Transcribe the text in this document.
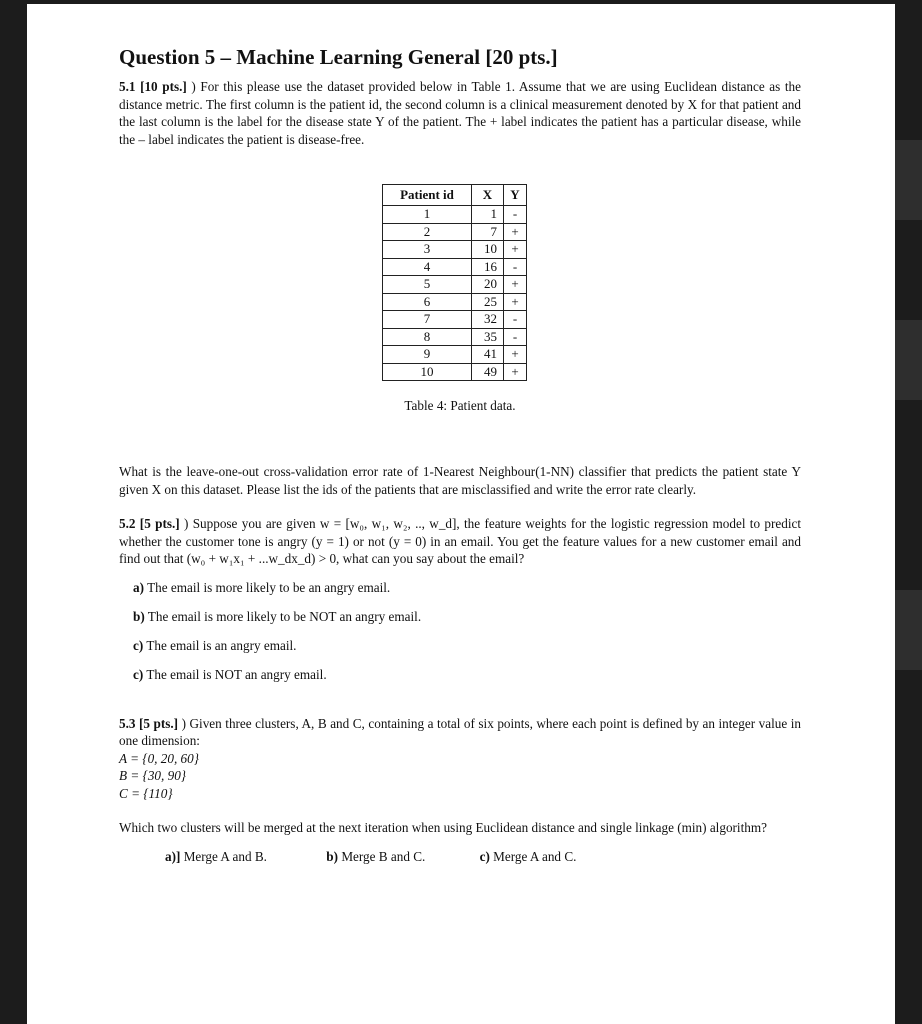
Question 5 – Machine Learning General [20 pts.]

5.1 [10 pts.] ) For this please use the dataset provided below in Table 1. Assume that we are using Euclidean distance as the distance metric. The first column is the patient id, the second column is a clinical measurement denoted by X for that patient and the last column is the label for the disease state Y of the patient. The + label indicates the patient has a particular disease, while the – label indicates the patient is disease-free.

Patient id	X	Y
1	1	-
2	7	+
3	10	+
4	16	-
5	20	+
6	25	+
7	32	-
8	35	-
9	41	+
10	49	+
Table 4: Patient data.

What is the leave-one-out cross-validation error rate of 1-Nearest Neighbour(1-NN) classifier that predicts the patient state Y given X on this dataset. Please list the ids of the patients that are misclassified and write the error rate clearly.

5.2 [5 pts.] ) Suppose you are given w = [w₀, w₁, w₂, .., w_d], the feature weights for the logistic regression model to predict whether the customer tone is angry (y = 1) or not (y = 0) in an email. You get the feature values for a new customer email and find out that (w₀ + w₁x₁ + ...w_dx_d) > 0, what can you say about the email?

a) The email is more likely to be an angry email.

b) The email is more likely to be NOT an angry email.

c) The email is an angry email.

c) The email is NOT an angry email.

5.3 [5 pts.] ) Given three clusters, A, B and C, containing a total of six points, where each point is defined by an integer value in one dimension:

A = {0, 20, 60}
B = {30, 90}
C = {110}

Which two clusters will be merged at the next iteration when using Euclidean distance and single linkage (min) algorithm?

a)] Merge A and B.	b) Merge B and C.	c) Merge A and C.
